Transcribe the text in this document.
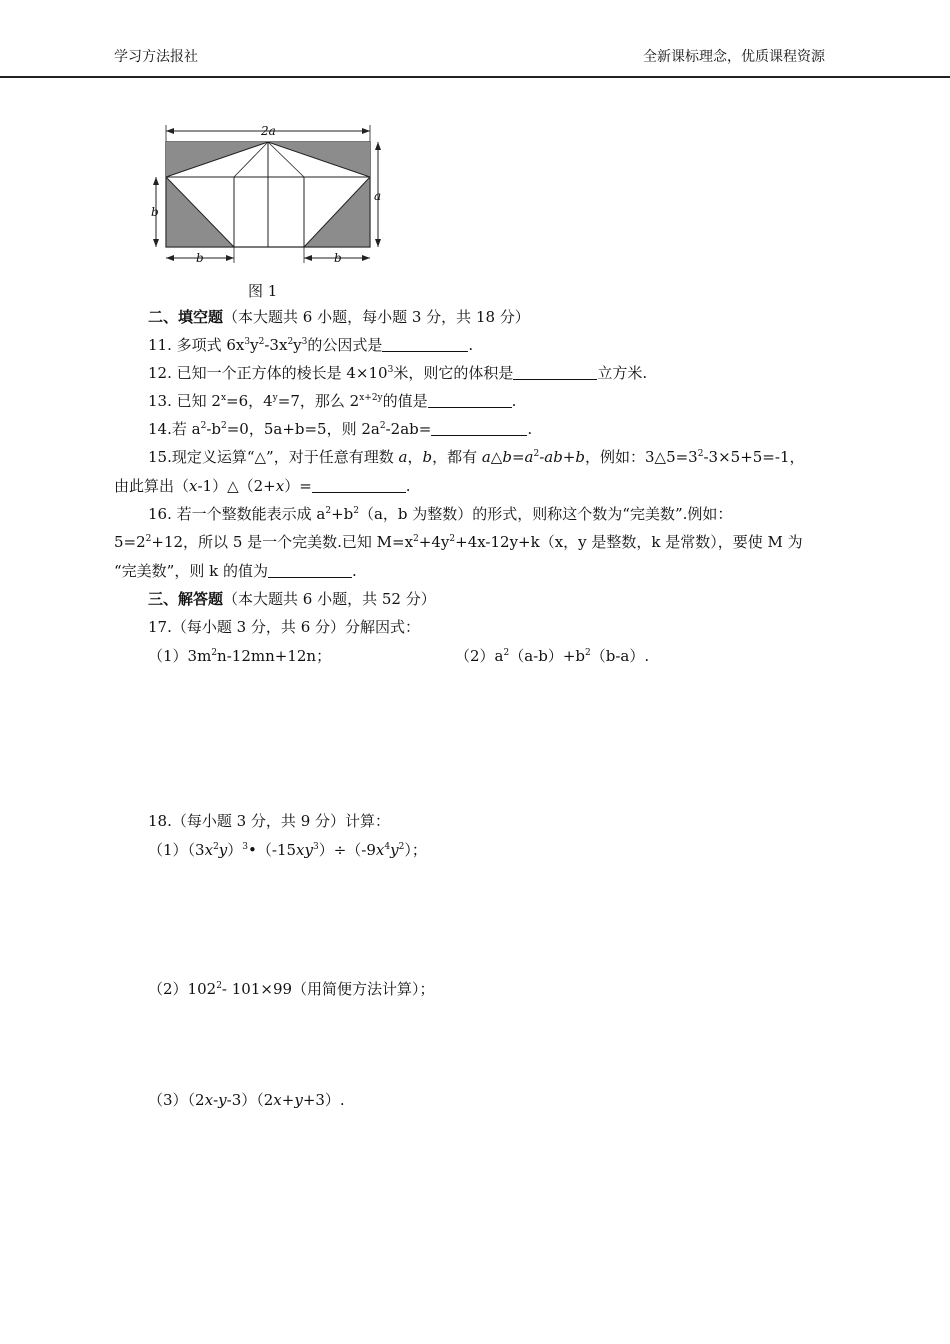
学习方法报社	全新课标理念，优质课程资源
2a
a
b
b	b
图 1
二、填空题（本大题共 6 小题，每小题 3 分，共 18 分）
11. 多项式 $6x^3y^2-3x^2y^3$的公因式是	.
12. 已知一个正方体的棱长是 $4\times 10^3$米，则它的体积是	立方米.
13. 已知 $2^x=6$，$4^y=7$，那么 $2^{x+2y}$的值是	.
14.若 $a^2-b^2=0$，5a+b=5，则 $2a^2-2ab=$	.
15.现定义运算“△”，对于任意有理数 a，b，都有 $a\triangle b=a^2-ab+b$，例如：$3\triangle 5=3^2-3\times 5+5=-1$，
由此算出（x-1）△（2+x）=	.
16. 若一个整数能表示成 $a^2+b^2(a$，b 为整数）的形式，则称这个数为“完美数”.例如：
$5=2^2+12$，所以 5 是一个完美数.已知 $M=x^2+4y^2+4x-12y+k(x$，y 是整数，k 是常数），要使 M 为
“完美数”，则 k 的值为	.
三、解答题（本大题共 6 小题，共 52 分）
17.（每小题 3 分，共 6 分）分解因式：
$(1)3m^2n-12mn+12n$；	$(2)a^2(a-b)+b^2(b-a)$.
18.（每小题 3 分，共 9 分）计算：
$(1)(3x^2y)^3•(-15xy^3)\div(-9x^4y^2)$；
$(2)102^2-$ 101×99（用简便方法计算）；
（3）（2x-y-3）（2x+y+3）.
